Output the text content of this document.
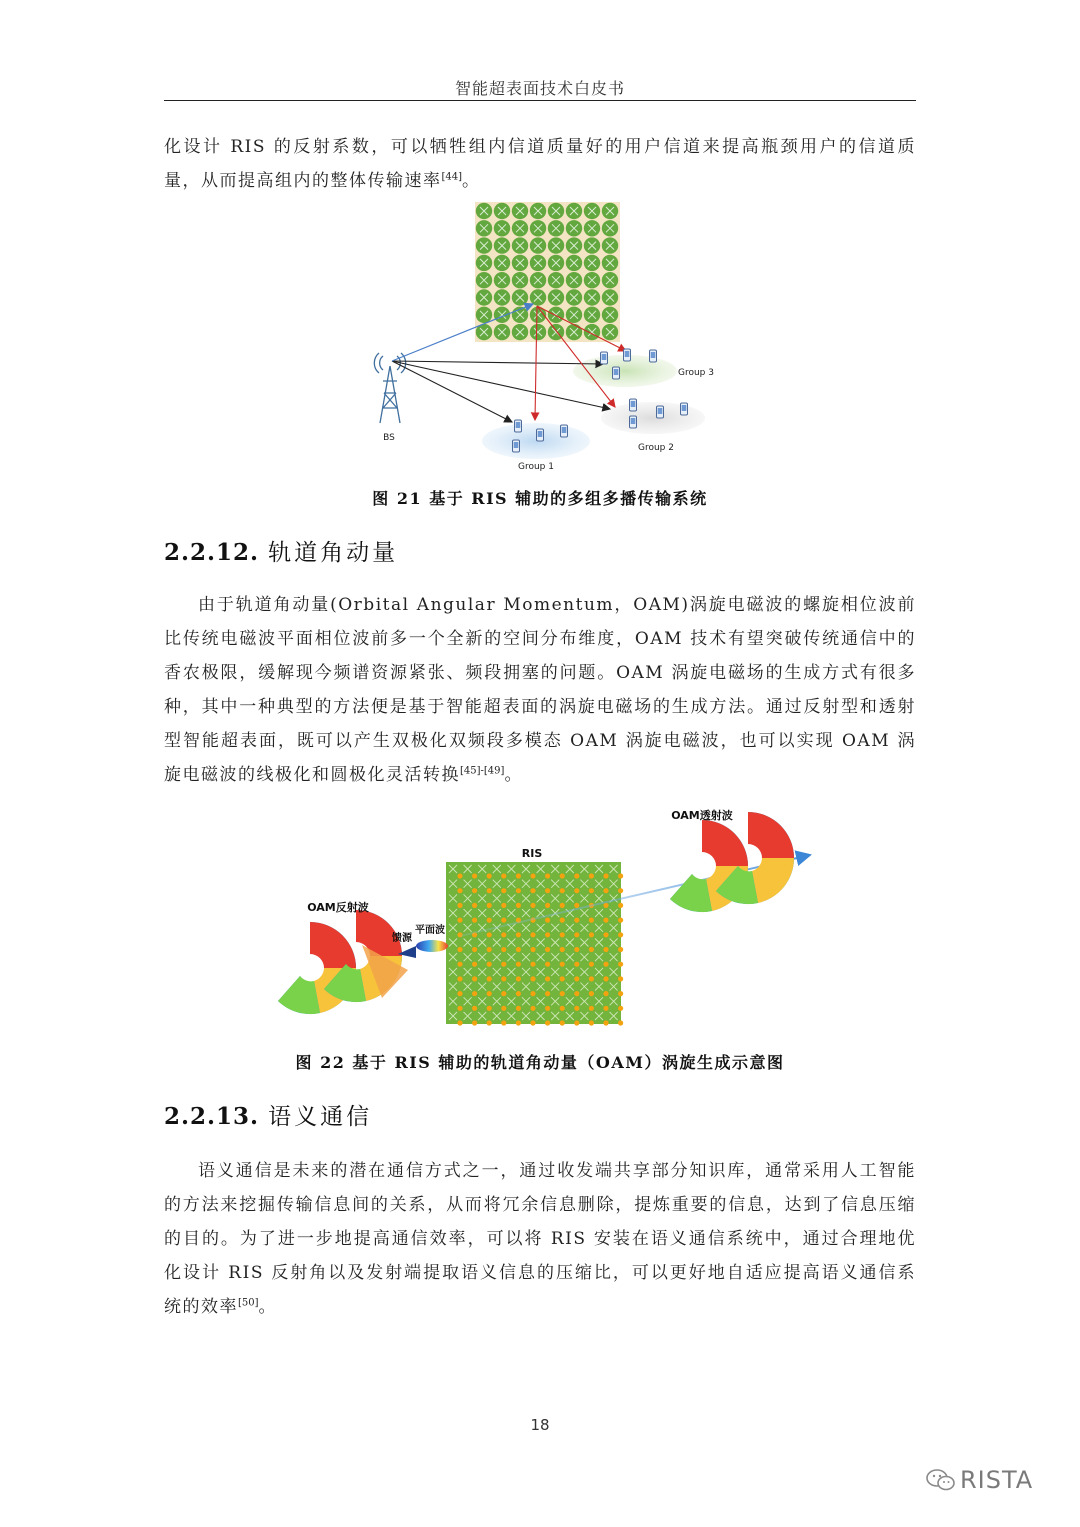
智能超表面技术白皮书
化设计 RIS 的反射系数，可以牺牲组内信道质量好的用户信道来提高瓶颈用户的信道质量，从而提高组内的整体传输速率[44]。
BS
Group 1
Group 2
Group 3
图 21 基于 RIS 辅助的多组多播传输系统
2.2.12. 轨道角动量
由于轨道角动量(Orbital Angular Momentum，OAM)涡旋电磁波的螺旋相位波前比传统电磁波平面相位波前多一个全新的空间分布维度，OAM 技术有望突破传统通信中的香农极限，缓解现今频谱资源紧张、频段拥塞的问题。OAM 涡旋电磁场的生成方式有很多种，其中一种典型的方法便是基于智能超表面的涡旋电磁场的生成方法。通过反射型和透射型智能超表面，既可以产生双极化双频段多模态 OAM 涡旋电磁波，也可以实现 OAM 涡旋电磁波的线极化和圆极化灵活转换[45]-[49]。
OAM透射波
RIS
OAM反射波
馈源
平面波
图 22 基于 RIS 辅助的轨道角动量（OAM）涡旋生成示意图
2.2.13. 语义通信
语义通信是未来的潜在通信方式之一，通过收发端共享部分知识库，通常采用人工智能的方法来挖掘传输信息间的关系，从而将冗余信息删除，提炼重要的信息，达到了信息压缩的目的。为了进一步地提高通信效率，可以将 RIS 安装在语义通信系统中，通过合理地优化设计 RIS 反射角以及发射端提取语义信息的压缩比，可以更好地自适应提高语义通信系统的效率[50]。
18
RISTA
